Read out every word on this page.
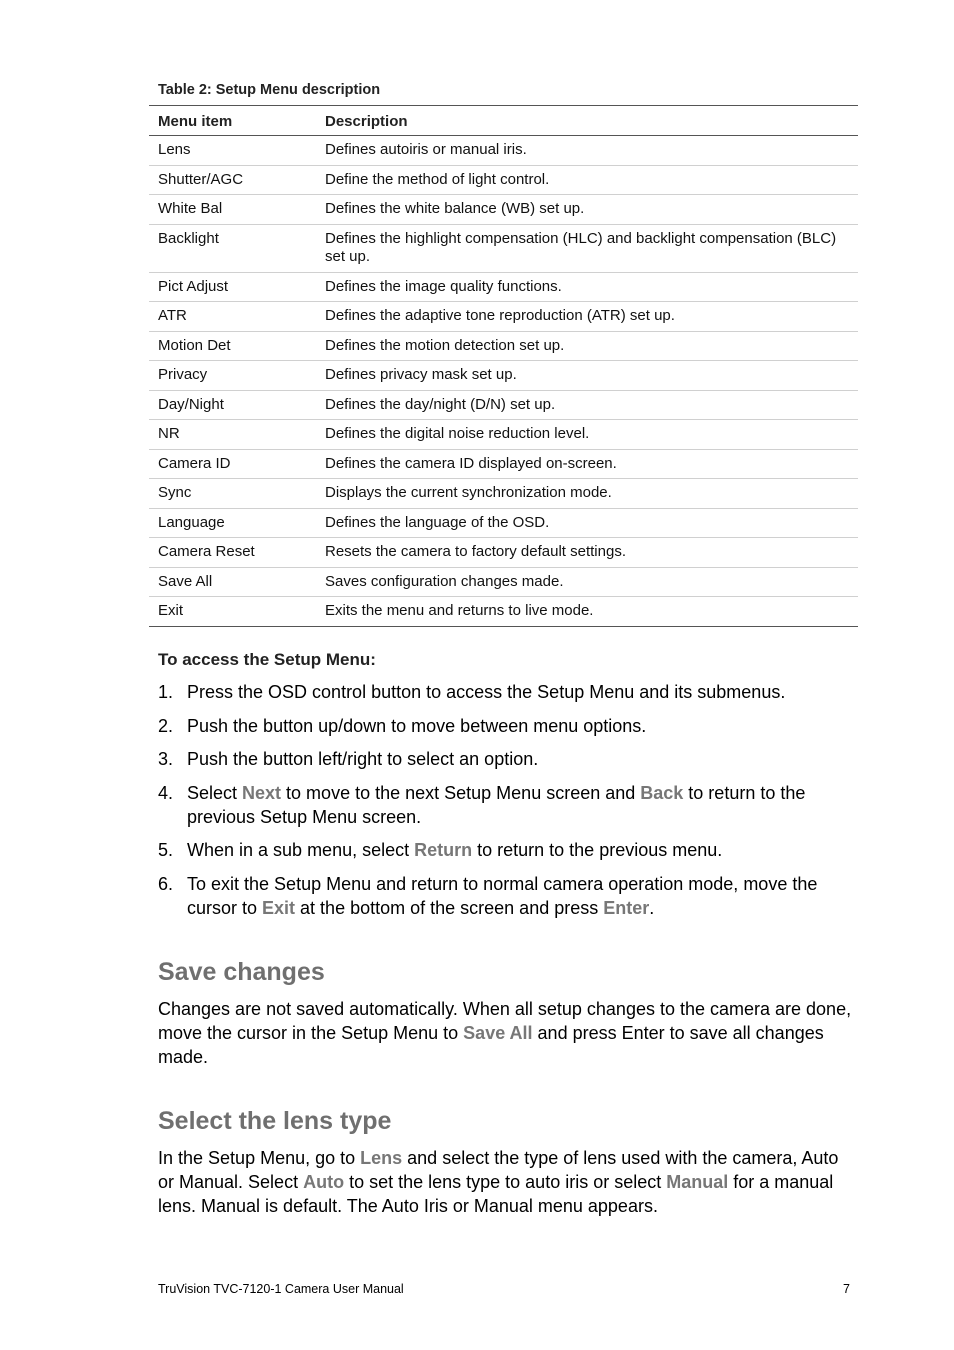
Table 2: Setup Menu description
Menu item	Description
Lens	Defines autoiris or manual iris.
Shutter/AGC	Define the method of light control.
White Bal	Defines the white balance (WB) set up.
Backlight	Defines the highlight compensation (HLC) and backlight compensation (BLC) set up.
Pict Adjust	Defines the image quality functions.
ATR	Defines the adaptive tone reproduction (ATR) set up.
Motion Det	Defines the motion detection set up.
Privacy	Defines privacy mask set up.
Day/Night	Defines the day/night (D/N) set up.
NR	Defines the digital noise reduction level.
Camera ID	Defines the camera ID displayed on-screen.
Sync	Displays the current synchronization mode.
Language	Defines the language of the OSD.
Camera Reset	Resets the camera to factory default settings.
Save All	Saves configuration changes made.
Exit	Exits the menu and returns to live mode.
To access the Setup Menu:
1. Press the OSD control button to access the Setup Menu and its submenus.
2. Push the button up/down to move between menu options.
3. Push the button left/right to select an option.
4. Select Next to move to the next Setup Menu screen and Back to return to the previous Setup Menu screen.
5. When in a sub menu, select Return to return to the previous menu.
6. To exit the Setup Menu and return to normal camera operation mode, move the cursor to Exit at the bottom of the screen and press Enter.
Save changes

Changes are not saved automatically. When all setup changes to the camera are done, move the cursor in the Setup Menu to Save All and press Enter to save all changes made.

Select the lens type

In the Setup Menu, go to Lens and select the type of lens used with the camera, Auto or Manual. Select Auto to set the lens type to auto iris or select Manual for a manual lens. Manual is default. The Auto Iris or Manual menu appears.

TruVision TVC-7120-1 Camera User Manual	7
